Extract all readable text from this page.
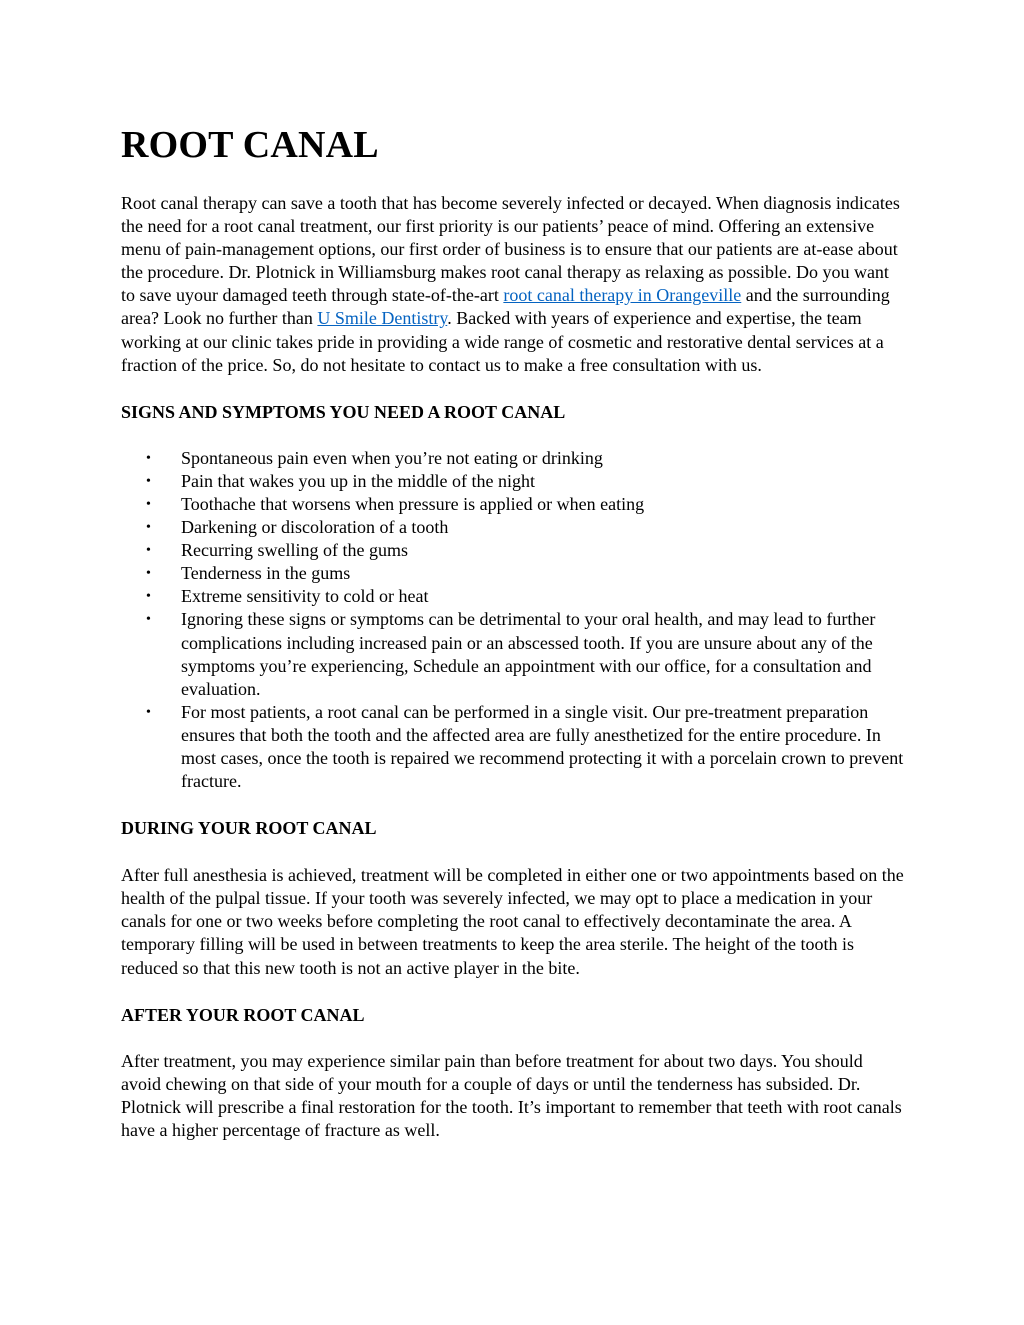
ROOT CANAL

Root canal therapy can save a tooth that has become severely infected or decayed. When diagnosis indicates the need for a root canal treatment, our first priority is our patients’ peace of mind. Offering an extensive menu of pain-management options, our first order of business is to ensure that our patients are at-ease about the procedure. Dr. Plotnick in Williamsburg makes root canal therapy as relaxing as possible. Do you want to save uyour damaged teeth through state-of-the-art root canal therapy in Orangeville and the surrounding area? Look no further than U Smile Dentistry. Backed with years of experience and expertise, the team working at our clinic takes pride in providing a wide range of cosmetic and restorative dental services at a fraction of the price. So, do not hesitate to contact us to make a free consultation with us.

SIGNS AND SYMPTOMS YOU NEED A ROOT CANAL
•	Spontaneous pain even when you’re not eating or drinking
•	Pain that wakes you up in the middle of the night
•	Toothache that worsens when pressure is applied or when eating
•	Darkening or discoloration of a tooth
•	Recurring swelling of the gums
•	Tenderness in the gums
•	Extreme sensitivity to cold or heat
•	Ignoring these signs or symptoms can be detrimental to your oral health, and may lead to further complications including increased pain or an abscessed tooth. If you are unsure about any of the symptoms you’re experiencing, Schedule an appointment with our office, for a consultation and evaluation.
•	For most patients, a root canal can be performed in a single visit. Our pre-treatment preparation ensures that both the tooth and the affected area are fully anesthetized for the entire procedure. In most cases, once the tooth is repaired we recommend protecting it with a porcelain crown to prevent fracture.
DURING YOUR ROOT CANAL

After full anesthesia is achieved, treatment will be completed in either one or two appointments based on the health of the pulpal tissue. If your tooth was severely infected, we may opt to place a medication in your canals for one or two weeks before completing the root canal to effectively decontaminate the area. A temporary filling will be used in between treatments to keep the area sterile. The height of the tooth is reduced so that this new tooth is not an active player in the bite.

AFTER YOUR ROOT CANAL

After treatment, you may experience similar pain than before treatment for about two days. You should avoid chewing on that side of your mouth for a couple of days or until the tenderness has subsided. Dr. Plotnick will prescribe a final restoration for the tooth. It’s important to remember that teeth with root canals have a higher percentage of fracture as well.
